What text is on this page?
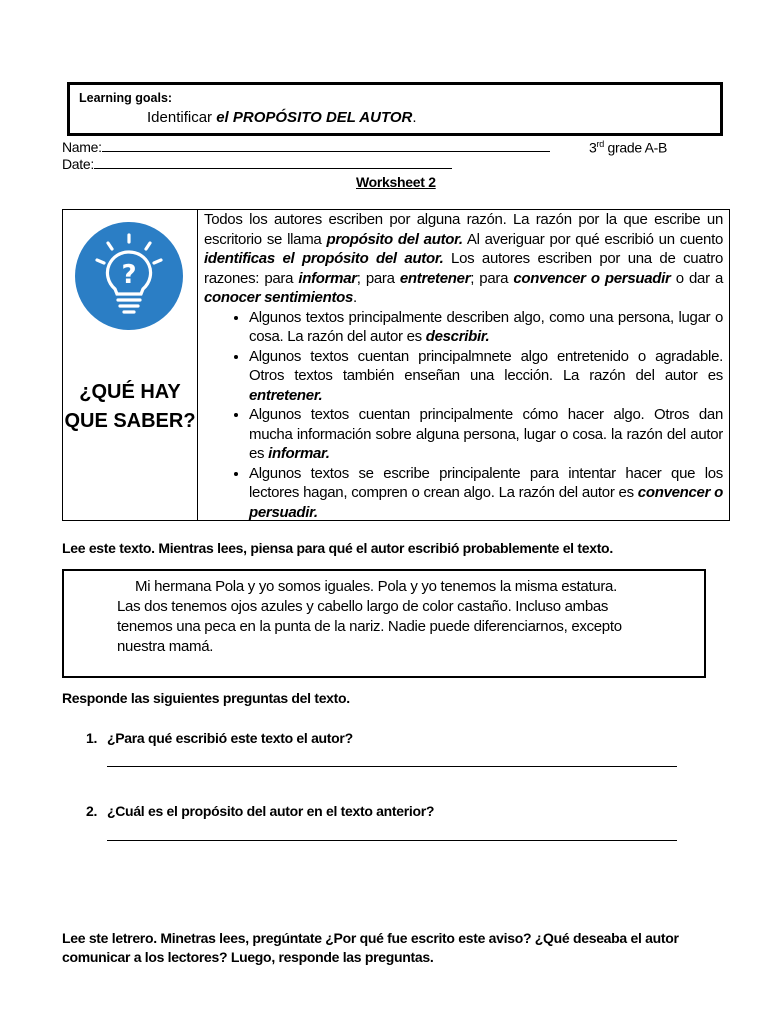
Learning goals:
Identificar el PROPÓSITO DEL AUTOR.
Name:	3rd grade A-B
Date:
Worksheet 2
?
¿QUÉ HAY QUE SABER?

Todos los autores escriben por alguna razón. La razón por la que escribe un escritorio se llama propósito del autor. Al averiguar por qué escribió un cuento identificas el propósito del autor. Los autores escriben por una de cuatro razones: para informar; para entretener; para convencer o persuadir o dar a conocer sentimientos.

• Algunos textos principalmente describen algo, como una persona, lugar o cosa. La razón del autor es describir.
• Algunos textos cuentan principalmnete algo entretenido o agradable. Otros textos también enseñan una lección. La razón del autor es entretener.
• Algunos textos cuentan principalmente cómo hacer algo. Otros dan mucha información sobre alguna persona, lugar o cosa. la razón del autor es informar.
• Algunos textos se escribe principalente para intentar hacer que los lectores hagan, compren o crean algo. La razón del autor es convencer o persuadir.
Lee este texto. Mientras lees, piensa para qué el autor escribió probablemente el texto.
Mi hermana Pola y yo somos iguales. Pola y yo tenemos la misma estatura. Las dos tenemos ojos azules y cabello largo de color castaño. Incluso ambas tenemos una peca en la punta de la nariz. Nadie puede diferenciarnos, excepto nuestra mamá.
Responde las siguientes preguntas del texto.
1. ¿Para qué escribió este texto el autor?
2. ¿Cuál es el propósito del autor en el texto anterior?
Lee ste letrero. Minetras lees, pregúntate ¿Por qué fue escrito este aviso? ¿Qué deseaba el autor comunicar a los lectores? Luego, responde las preguntas.
